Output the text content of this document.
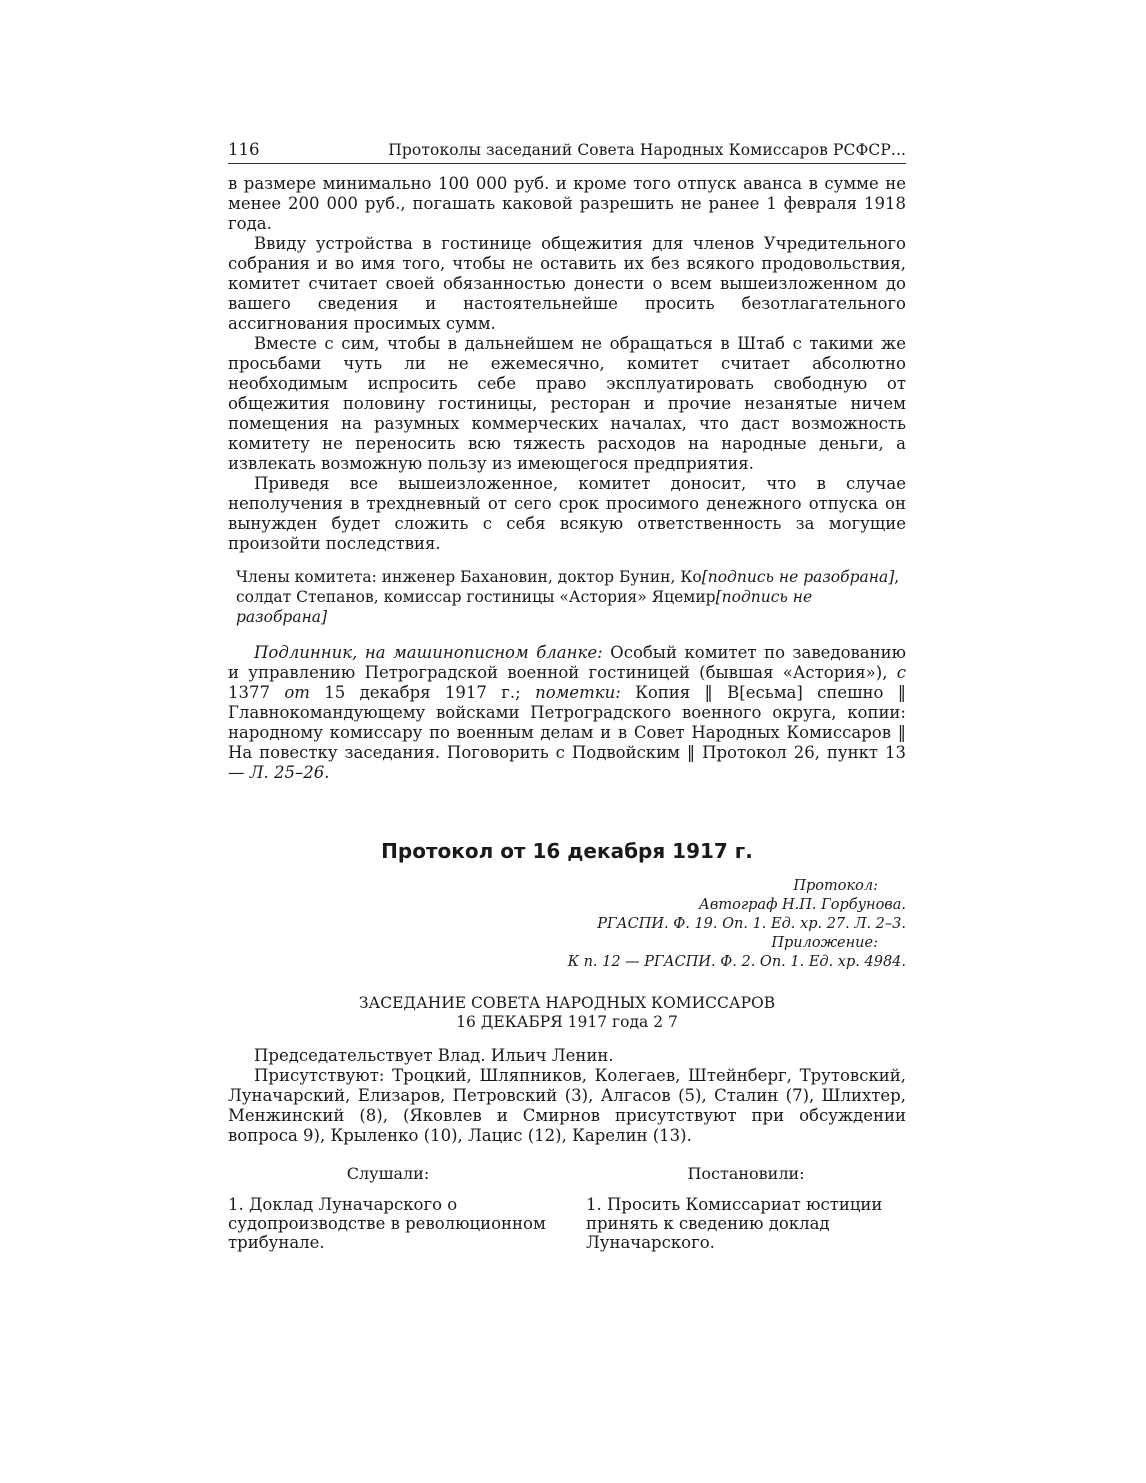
116	Протоколы заседаний Совета Народных Комиссаров РСФСР...

в размере минимально 100 000 руб. и кроме того отпуск аванса в сумме не менее 200 000 руб., погашать каковой разрешить не ранее 1 февраля 1918 года.

Ввиду устройства в гостинице общежития для членов Учредительного собрания и во имя того, чтобы не оставить их без всякого продовольствия, комитет считает своей обязанностью донести о всем вышеизложенном до вашего сведения и настоятельнейше просить безотлагательного ассигнования просимых сумм.

Вместе с сим, чтобы в дальнейшем не обращаться в Штаб с такими же просьбами чуть ли не ежемесячно, комитет считает абсолютно необходимым испросить себе право эксплуатировать свободную от общежития половину гостиницы, ресторан и прочие незанятые ничем помещения на разумных коммерческих началах, что даст возможность комитету не переносить всю тяжесть расходов на народные деньги, а извлекать возможную пользу из имеющегося предприятия.

Приведя все вышеизложенное, комитет доносит, что в случае неполучения в трехдневный от сего срок просимого денежного отпуска он вынужден будет сложить с себя всякую ответственность за могущие произойти последствия.

Члены комитета: инженер Бахановин, доктор Бунин, Ко[подпись не разобрана],
солдат Степанов, комиссар гостиницы «Астория» Яцемир[подпись не разобрана]

Подлинник, на машинописном бланке: Особый комитет по заведованию и управлению Петроградской военной гостиницей (бывшая «Астория»), с 1377 от 15 декабря 1917 г.; пометки: Копия ‖ В[есьма] спешно ‖ Главнокомандующему войсками Петроградского военного округа, копии: народному комиссару по военным делам и в Совет Народных Комиссаров ‖ На повестку заседания. Поговорить с Подвойским ‖ Протокол 26, пункт 13 — Л. 25–26.

Протокол от 16 декабря 1917 г.
Протокол:
Автограф Н.П. Горбунова.
РГАСПИ. Ф. 19. Оп. 1. Ед. хр. 27. Л. 2–3.
Приложение:
К п. 12 — РГАСПИ. Ф. 2. Оп. 1. Ед. хр. 4984.
ЗАСЕДАНИЕ СОВЕТА НАРОДНЫХ КОМИССАРОВ
16 ДЕКАБРЯ 1917 года 2 7

Председательствует Влад. Ильич Ленин.

Присутствуют: Троцкий, Шляпников, Колегаев, Штейнберг, Трутовский, Луначарский, Елизаров, Петровский (3), Алгасов (5), Сталин (7), Шлихтер, Менжинский (8), (Яковлев и Смирнов присутствуют при обсуждении вопроса 9), Крыленко (10), Лацис (12), Карелин (13).

Слушали:
1. Доклад Луначарского о судопроизводстве в революционном трибунале.
Постановили:
1. Просить Комиссариат юстиции принять к сведению доклад Луначарского.
